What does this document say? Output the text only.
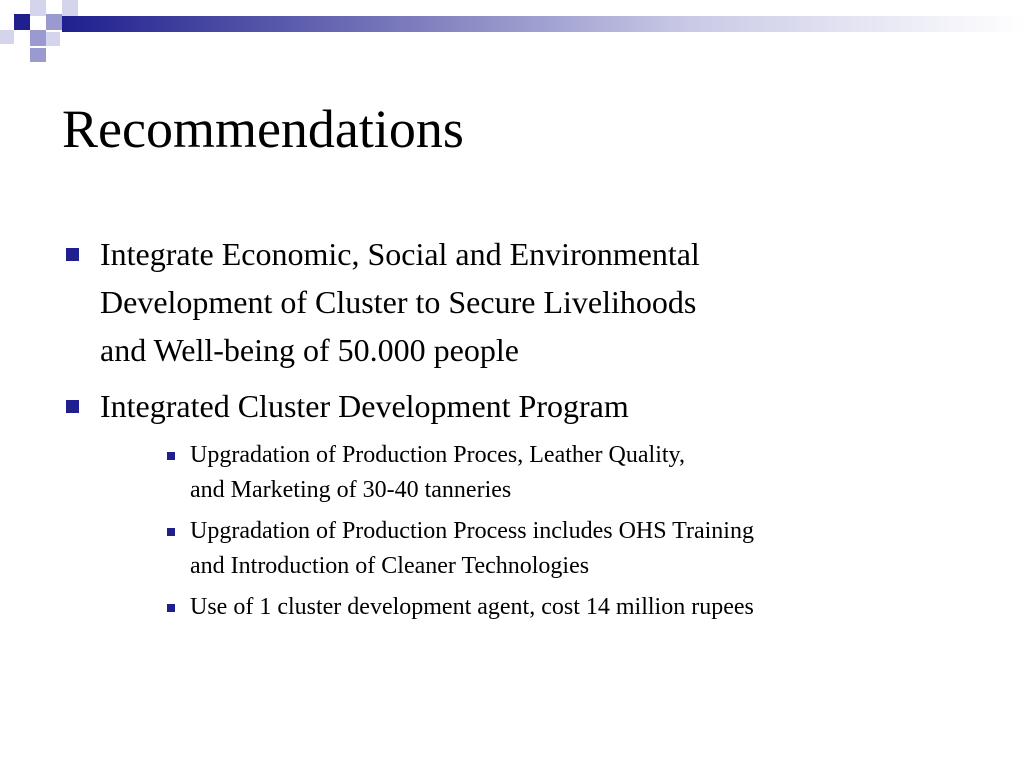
Recommendations
Integrate Economic, Social and Environmental
Development of Cluster to Secure Livelihoods
and Well-being of 50.000 people
Integrated Cluster Development Program
Upgradation of Production Proces, Leather Quality,
and Marketing of 30-40 tanneries
Upgradation of Production Process includes OHS Training
and Introduction of Cleaner Technologies
Use of 1 cluster development agent, cost 14 million rupees
